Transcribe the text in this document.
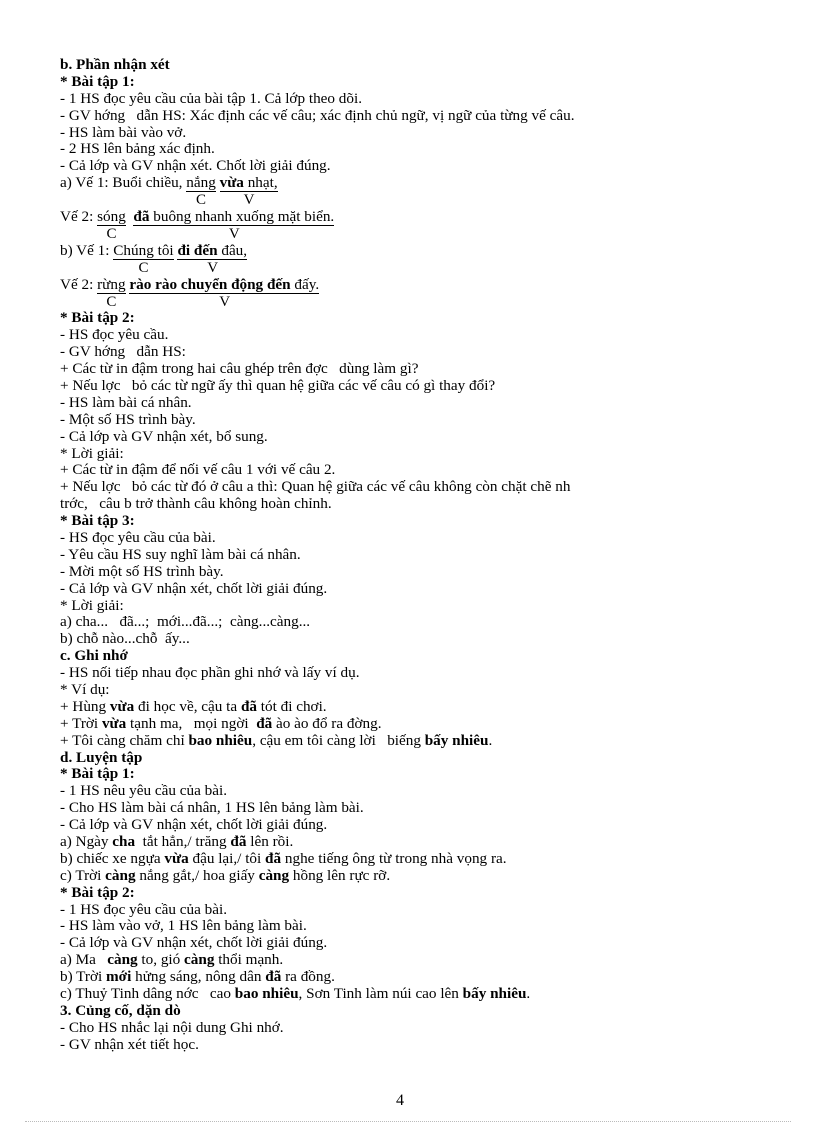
b. Phần nhận xét
* Bài tập 1:
- 1 HS đọc yêu cầu của bài tập 1. Cả lớp theo dõi.
- GV hớng   dẫn HS: Xác định các vế câu; xác định chủ ngữ, vị ngữ của từng vế câu.
- HS làm bài vào vở.
- 2 HS lên bảng xác định.
- Cả lớp và GV nhận xét. Chốt lời giải đúng.
a) Vế 1: Buổi chiều, nắng vừa nhạt,
C	V
Vế 2: sóng đã buông nhanh xuống mặt biển.
C	V
b) Vế 1: Chúng tôi đi đến đâu,
C	V
Vế 2: rừng rào rào chuyển động đến đấy.
C	V
* Bài tập 2:
- HS đọc yêu cầu.
- GV hớng   dẫn HS:
+ Các từ in đậm trong hai câu ghép trên đợc   dùng làm gì?
+ Nếu lợc   bỏ các từ ngữ ấy thì quan hệ giữa các vế câu có gì thay đổi?
- HS làm bài cá nhân.
- Một số HS trình bày.
- Cả lớp và GV nhận xét, bổ sung.
* Lời giải:
+ Các từ in đậm để nối vế câu 1 với vế câu 2.
+ Nếu lợc   bỏ các từ đó ở câu a thì: Quan hệ giữa các vế câu không còn chặt chẽ nh
trớc,   câu b trở thành câu không hoàn chỉnh.
* Bài tập 3:
- HS đọc yêu cầu của bài.
- Yêu cầu HS suy nghĩ làm bài cá nhân.
- Mời một số HS trình bày.
- Cả lớp và GV nhận xét, chốt lời giải đúng.
* Lời giải:
a) cha...   đã...;  mới...đã...;  càng...càng...
b) chỗ nào...chỗ  ấy...
c. Ghi nhớ
- HS nối tiếp nhau đọc phần ghi nhớ và lấy ví dụ.
* Ví dụ:
+ Hùng vừa đi học về, cậu ta đã tót đi chơi.
+ Trời vừa tạnh ma,   mọi ngời  đã ào ào đổ ra đờng.
+ Tôi càng chăm chỉ bao nhiêu, cậu em tôi càng lời   biếng bấy nhiêu.
d. Luyện tập
* Bài tập 1:
- 1 HS nêu yêu cầu của bài.
- Cho HS làm bài cá nhân, 1 HS lên bảng làm bài.
- Cả lớp và GV nhận xét, chốt lời giải đúng.
a) Ngày cha  tắt hẳn,/ trăng đã lên rồi.
b) chiếc xe ngựa vừa đậu lại,/ tôi đã nghe tiếng ông từ trong nhà vọng ra.
c) Trời càng nắng gắt,/ hoa giấy càng hồng lên rực rỡ.
* Bài tập 2:
- 1 HS đọc yêu cầu của bài.
- HS làm vào vở, 1 HS lên bảng làm bài.
- Cả lớp và GV nhận xét, chốt lời giải đúng.
a) Ma   càng to, gió càng thổi mạnh.
b) Trời mới hửng sáng, nông dân đã ra đồng.
c) Thuỷ Tinh dâng nớc   cao bao nhiêu, Sơn Tinh làm núi cao lên bấy nhiêu.
3. Củng cố, dặn dò
- Cho HS nhắc lại nội dung Ghi nhớ.
- GV nhận xét tiết học.
4
